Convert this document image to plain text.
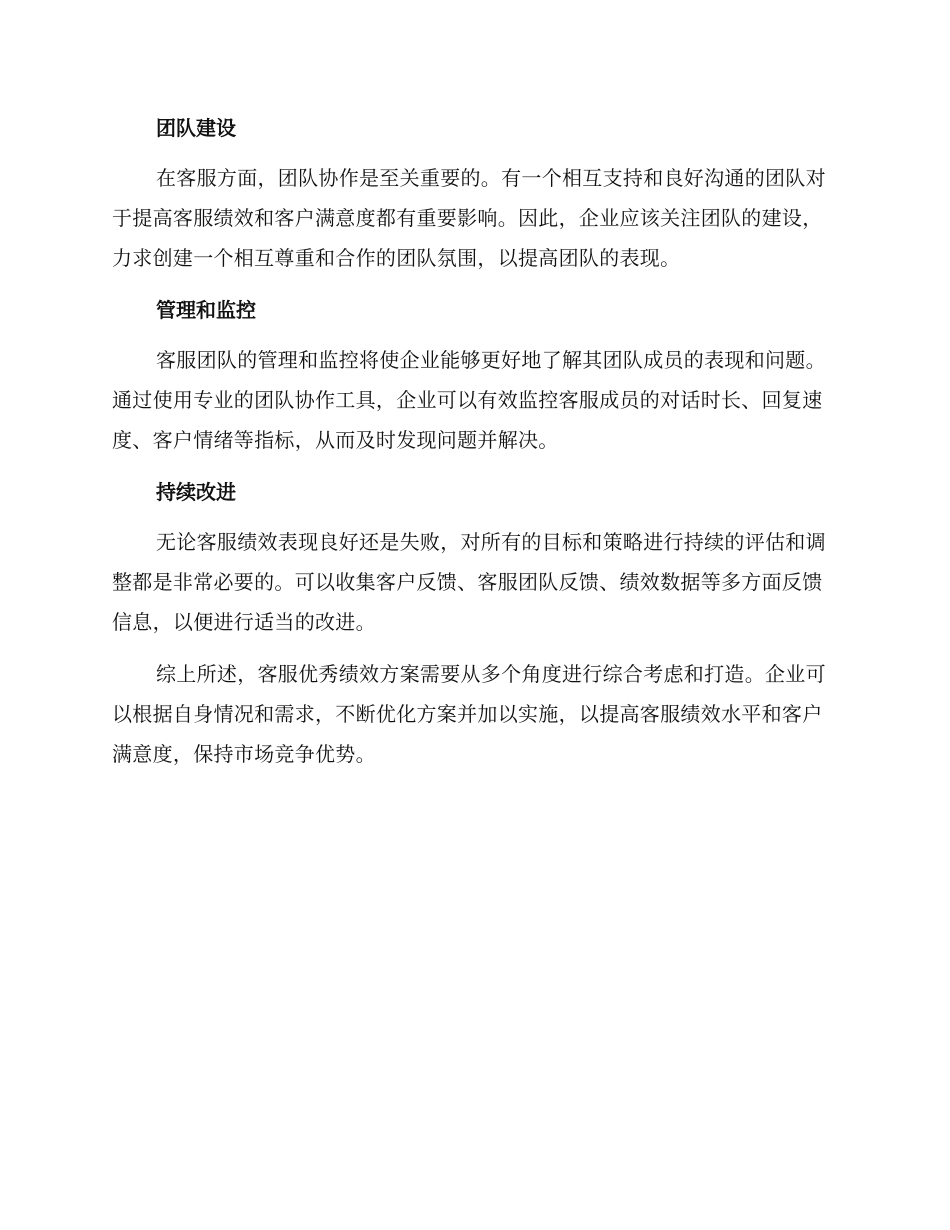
团队建设

在客服方面，团队协作是至关重要的。有一个相互支持和良好沟通的团队对于提高客服绩效和客户满意度都有重要影响。因此，企业应该关注团队的建设，力求创建一个相互尊重和合作的团队氛围，以提高团队的表现。

管理和监控

客服团队的管理和监控将使企业能够更好地了解其团队成员的表现和问题。通过使用专业的团队协作工具，企业可以有效监控客服成员的对话时长、回复速度、客户情绪等指标，从而及时发现问题并解决。

持续改进

无论客服绩效表现良好还是失败，对所有的目标和策略进行持续的评估和调整都是非常必要的。可以收集客户反馈、客服团队反馈、绩效数据等多方面反馈信息，以便进行适当的改进。

综上所述，客服优秀绩效方案需要从多个角度进行综合考虑和打造。企业可以根据自身情况和需求，不断优化方案并加以实施，以提高客服绩效水平和客户满意度，保持市场竞争优势。
